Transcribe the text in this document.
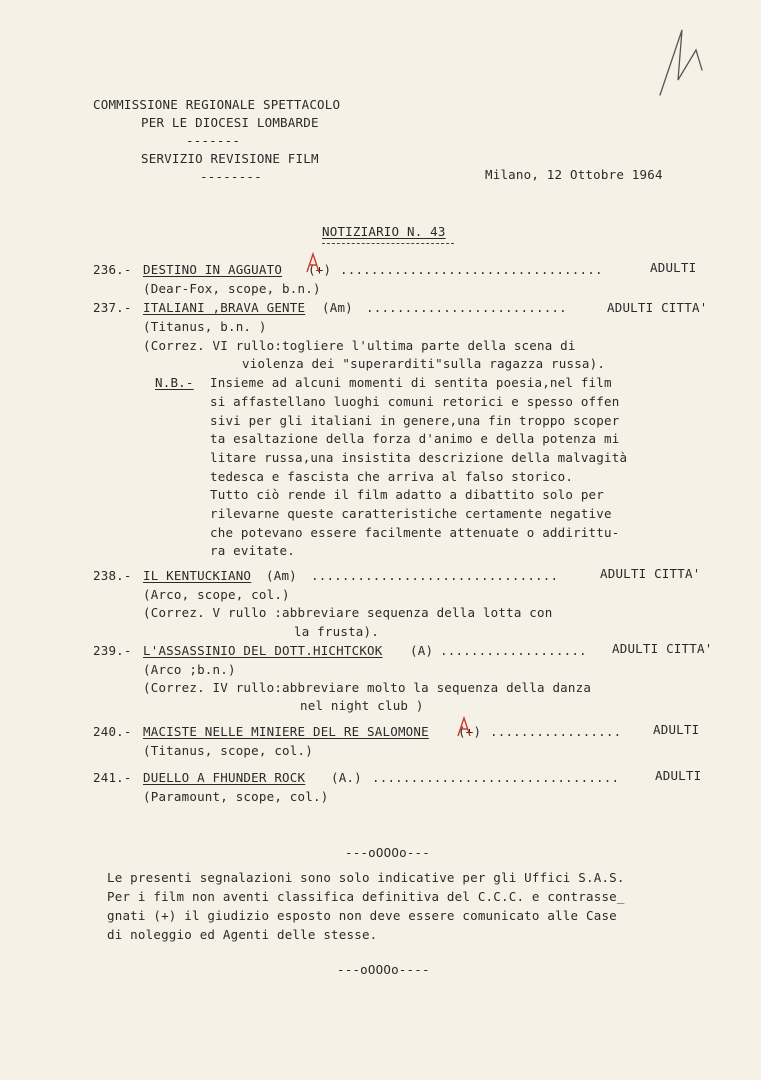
COMMISSIONE REGIONALE SPETTACOLO
PER LE DIOCESI LOMBARDE
-------
SERVIZIO REVISIONE FILM
--------	Milano, 12 Ottobre 1964
NOTIZIARIO N. 43
236.- DESTINO IN AGGUATO (+) ..................................	ADULTI
(Dear-Fox, scope, b.n.)
237.- ITALIANI ,BRAVA GENTE (Am) ..........................	ADULTI CITTA'
(Titanus, b.n. )
(Correz. VI rullo:togliere l'ultima parte della scena di
violenza dei "superarditi"sulla ragazza russa).
N.B.- Insieme ad alcuni momenti di sentita poesia,nel film
si affastellano luoghi comuni retorici e spesso offen
sivi per gli italiani in genere,una fin troppo scoper
ta esaltazione della forza d'animo e della potenza mi
litare russa,una insistita descrizione della malvagità
tedesca e fascista che arriva al falso storico.
Tutto ciò rende il film adatto a dibattito solo per
rilevarne queste caratteristiche certamente negative
che potevano essere facilmente attenuate o addirittu-
ra evitate.
238.- IL KENTUCKIANO (Am) ................................	ADULTI CITTA'
(Arco, scope, col.)
(Correz. V rullo :abbreviare sequenza della lotta con
la frusta).
239.- L'ASSASSINIO DEL DOTT.HICHTCKOK (A) ................... ADULTI CITTA'
(Arco ;b.n.)
(Correz. IV rullo:abbreviare molto la sequenza della danza
nel night club )
240.- MACISTE NELLE MINIERE DEL RE SALOMONE (+) .................	ADULTI
(Titanus, scope, col.)
241.- DUELLO A FHUNDER ROCK (A.) ................................	ADULTI
(Paramount, scope, col.)
---oOOOo---
Le presenti segnalazioni sono solo indicative per gli Uffici S.A.S.
Per i film non aventi classifica definitiva del C.C.C. e contrasse_
gnati (+) il giudizio esposto non deve essere comunicato alle Case
di noleggio ed Agenti delle stesse.
---oOOOo----
